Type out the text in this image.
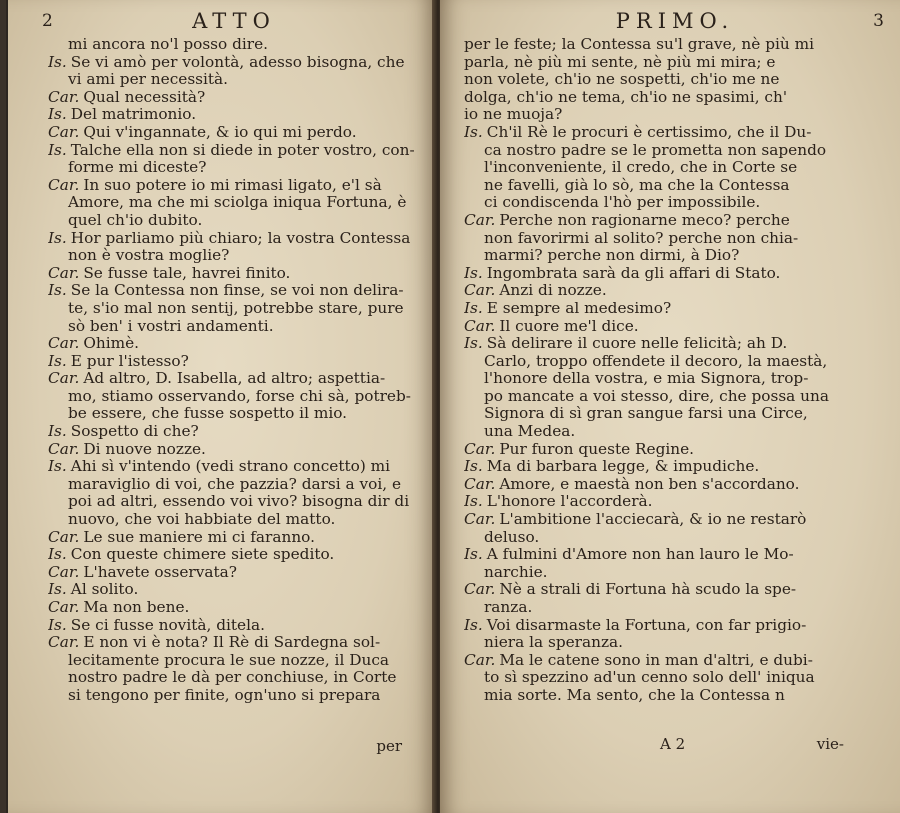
2	ATTO
mi ancora no'l posso dire.
Is. Se vi amò per volontà, adesso bisogna, che
vi ami per necessità.
Car. Qual necessità?
Is. Del matrimonio.
Car. Qui v'ingannate, & io qui mi perdo.
Is. Talche ella non si diede in poter vostro, con-
forme mi diceste?
Car. In suo potere io mi rimasi ligato, e'l sà
Amore, ma che mi sciolga iniqua Fortuna, è
quel ch'io dubito.
Is. Hor parliamo più chiaro; la vostra Contessa
non è vostra moglie?
Car. Se fusse tale, havrei finito.
Is. Se la Contessa non finse, se voi non delira-
te, s'io mal non sentij, potrebbe stare, pure
sò ben' i vostri andamenti.
Car. Ohimè.
Is. E pur l'istesso?
Car. Ad altro, D. Isabella, ad altro; aspettia-
mo, stiamo osservando, forse chi sà, potreb-
be essere, che fusse sospetto il mio.
Is. Sospetto di che?
Car. Di nuove nozze.
Is. Ahi sì v'intendo (vedi strano concetto) mi
maraviglio di voi, che pazzia? darsi a voi, e
poi ad altri, essendo voi vivo? bisogna dir di
nuovo, che voi habbiate del matto.
Car. Le sue maniere mi ci faranno.
Is. Con queste chimere siete spedito.
Car. L'havete osservata?
Is. Al solito.
Car. Ma non bene.
Is. Se ci fusse novità, ditela.
Car. E non vi è nota? Il Rè di Sardegna sol-
lecitamente procura le sue nozze, il Duca
nostro padre le dà per conchiuse, in Corte
si tengono per finite, ogn'uno si prepara
per
PRIMO.	3
per le feste; la Contessa su'l grave, nè più mi
parla, nè più mi sente, nè più mi mira; e
non volete, ch'io ne sospetti, ch'io me ne
dolga, ch'io ne tema, ch'io ne spasimi, ch'
io ne muoja?
Is. Ch'il Rè le procuri è certissimo, che il Du-
ca nostro padre se le prometta non sapendo
l'inconveniente, il credo, che in Corte se
ne favelli, già lo sò, ma che la Contessa
ci condiscenda l'hò per impossibile.
Car. Perche non ragionarne meco? perche
non favorirmi al solito? perche non chia-
marmi? perche non dirmi, à Dio?
Is. Ingombrata sarà da gli affari di Stato.
Car. Anzi di nozze.
Is. E sempre al medesimo?
Car. Il cuore me'l dice.
Is. Sà delirare il cuore nelle felicità; ah D.
Carlo, troppo offendete il decoro, la maestà,
l'honore della vostra, e mia Signora, trop-
po mancate a voi stesso, dire, che possa una
Signora di sì gran sangue farsi una Circe,
una Medea.
Car. Pur furon queste Regine.
Is. Ma di barbara legge, & impudiche.
Car. Amore, e maestà non ben s'accordano.
Is. L'honore l'accorderà.
Car. L'ambitione l'acciecarà, & io ne restarò
deluso.
Is. A fulmini d'Amore non han lauro le Mo-
narchie.
Car. Nè a strali di Fortuna hà scudo la spe-
ranza.
Is. Voi disarmaste la Fortuna, con far prigio-
niera la speranza.
Car. Ma le catene sono in man d'altri, e dubi-
to sì spezzino ad'un cenno solo dell' iniqua
mia sorte. Ma sento, che la Contessa n
A 2	vie-
